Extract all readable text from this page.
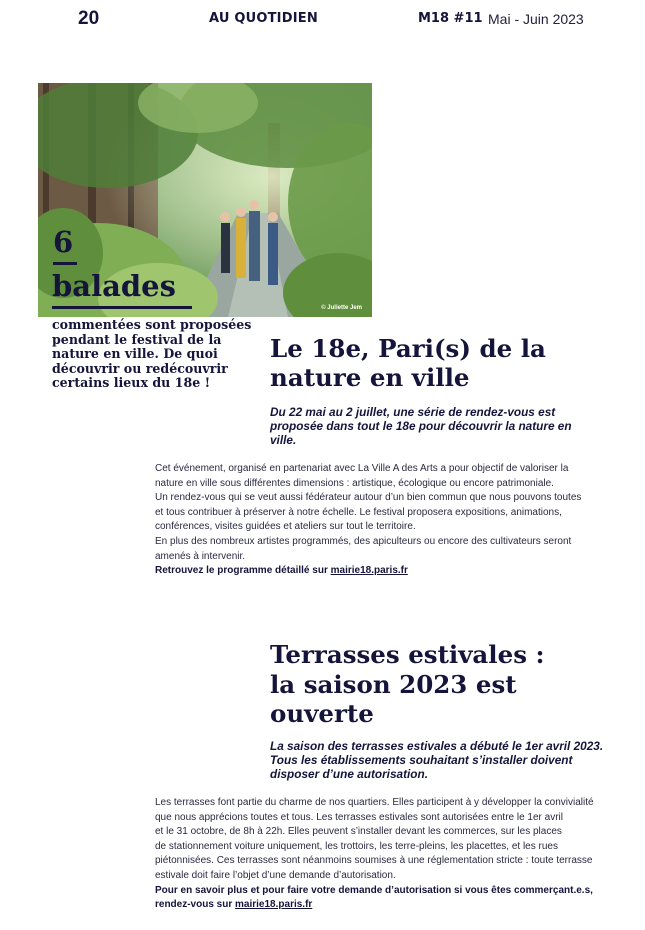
20	AU QUOTIDIEN	M18 #11 Mai - Juin 2023
© Juliette Jem
6
balades
commentées sont proposées pendant le festival de la nature en ville. De quoi découvrir ou redécouvrir certains lieux du 18e !
Le 18e, Pari(s) de la
nature en ville
Du 22 mai au 2 juillet, une série de rendez-vous est proposée dans tout le 18e pour découvrir la nature en ville.

Cet événement, organisé en partenariat avec La Ville A des Arts a pour objectif de valoriser la

nature en ville sous différentes dimensions : artistique, écologique ou encore patrimoniale.

Un rendez-vous qui se veut aussi fédérateur autour d’un bien commun que nous pouvons toutes

et tous contribuer à préserver à notre échelle. Le festival proposera expositions, animations,

conférences, visites guidées et ateliers sur tout le territoire.

En plus des nombreux artistes programmés, des apiculteurs ou encore des cultivateurs seront

amenés à intervenir.

Retrouvez le programme détaillé sur mairie18.paris.fr

Terrasses estivales :
la saison 2023 est
ouverte
La saison des terrasses estivales a débuté le 1er avril 2023. Tous les établissements souhaitant s’installer doivent disposer d’une autorisation.

Les terrasses font partie du charme de nos quartiers. Elles participent à y développer la convivialité

que nous apprécions toutes et tous. Les terrasses estivales sont autorisées entre le 1er avril

et le 31 octobre, de 8h à 22h. Elles peuvent s’installer devant les commerces, sur les places

de stationnement voiture uniquement, les trottoirs, les terre-pleins, les placettes, et les rues

piétonnisées. Ces terrasses sont néanmoins soumises à une réglementation stricte : toute terrasse

estivale doit faire l’objet d’une demande d’autorisation.

Pour en savoir plus et pour faire votre demande d’autorisation si vous êtes commerçant.e.s,

rendez-vous sur mairie18.paris.fr
